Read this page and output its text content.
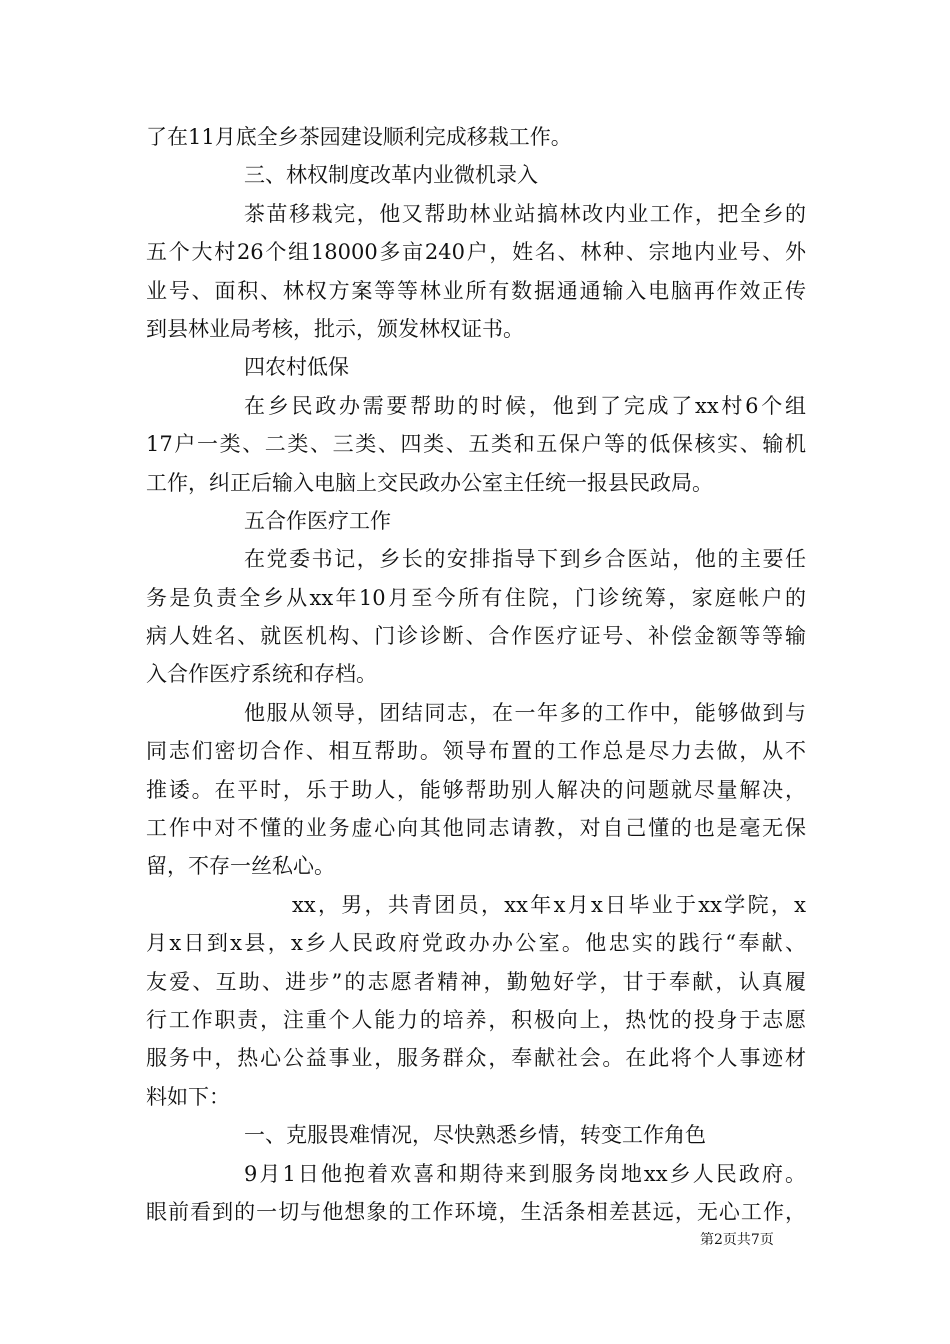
了在11月底全乡茶园建设顺利完成移栽工作。
三、林权制度改革内业微机录入
茶苗移栽完，他又帮助林业站搞林改内业工作，把全乡的
五个大村26个组18000多亩240户，姓名、林种、宗地内业号、外
业号、面积、林权方案等等林业所有数据通通输入电脑再作效正传
到县林业局考核，批示，颁发林权证书。
四农村低保
在乡民政办需要帮助的时候，他到了完成了xx村6个组
17户一类、二类、三类、四类、五类和五保户等的低保核实、输机
工作，纠正后输入电脑上交民政办公室主任统一报县民政局。
五合作医疗工作
在党委书记，乡长的安排指导下到乡合医站，他的主要任
务是负责全乡从xx年10月至今所有住院，门诊统筹，家庭帐户的
病人姓名、就医机构、门诊诊断、合作医疗证号、补偿金额等等输
入合作医疗系统和存档。
他服从领导，团结同志，在一年多的工作中，能够做到与
同志们密切合作、相互帮助。领导布置的工作总是尽力去做，从不
推诿。在平时，乐于助人，能够帮助别人解决的问题就尽量解决，
工作中对不懂的业务虚心向其他同志请教，对自己懂的也是毫无保
留，不存一丝私心。
xx，男，共青团员，xx年x月x日毕业于xx学院，x
月x日到x县，x乡人民政府党政办办公室。他忠实的践行“奉献、
友爱、互助、进步”的志愿者精神，勤勉好学，甘于奉献，认真履
行工作职责，注重个人能力的培养，积极向上，热忱的投身于志愿
服务中，热心公益事业，服务群众，奉献社会。在此将个人事迹材
料如下：
一、克服畏难情况，尽快熟悉乡情，转变工作角色
9月1日他抱着欢喜和期待来到服务岗地xx乡人民政府。
眼前看到的一切与他想象的工作环境，生活条相差甚远，无心工作，
第2页共7页
